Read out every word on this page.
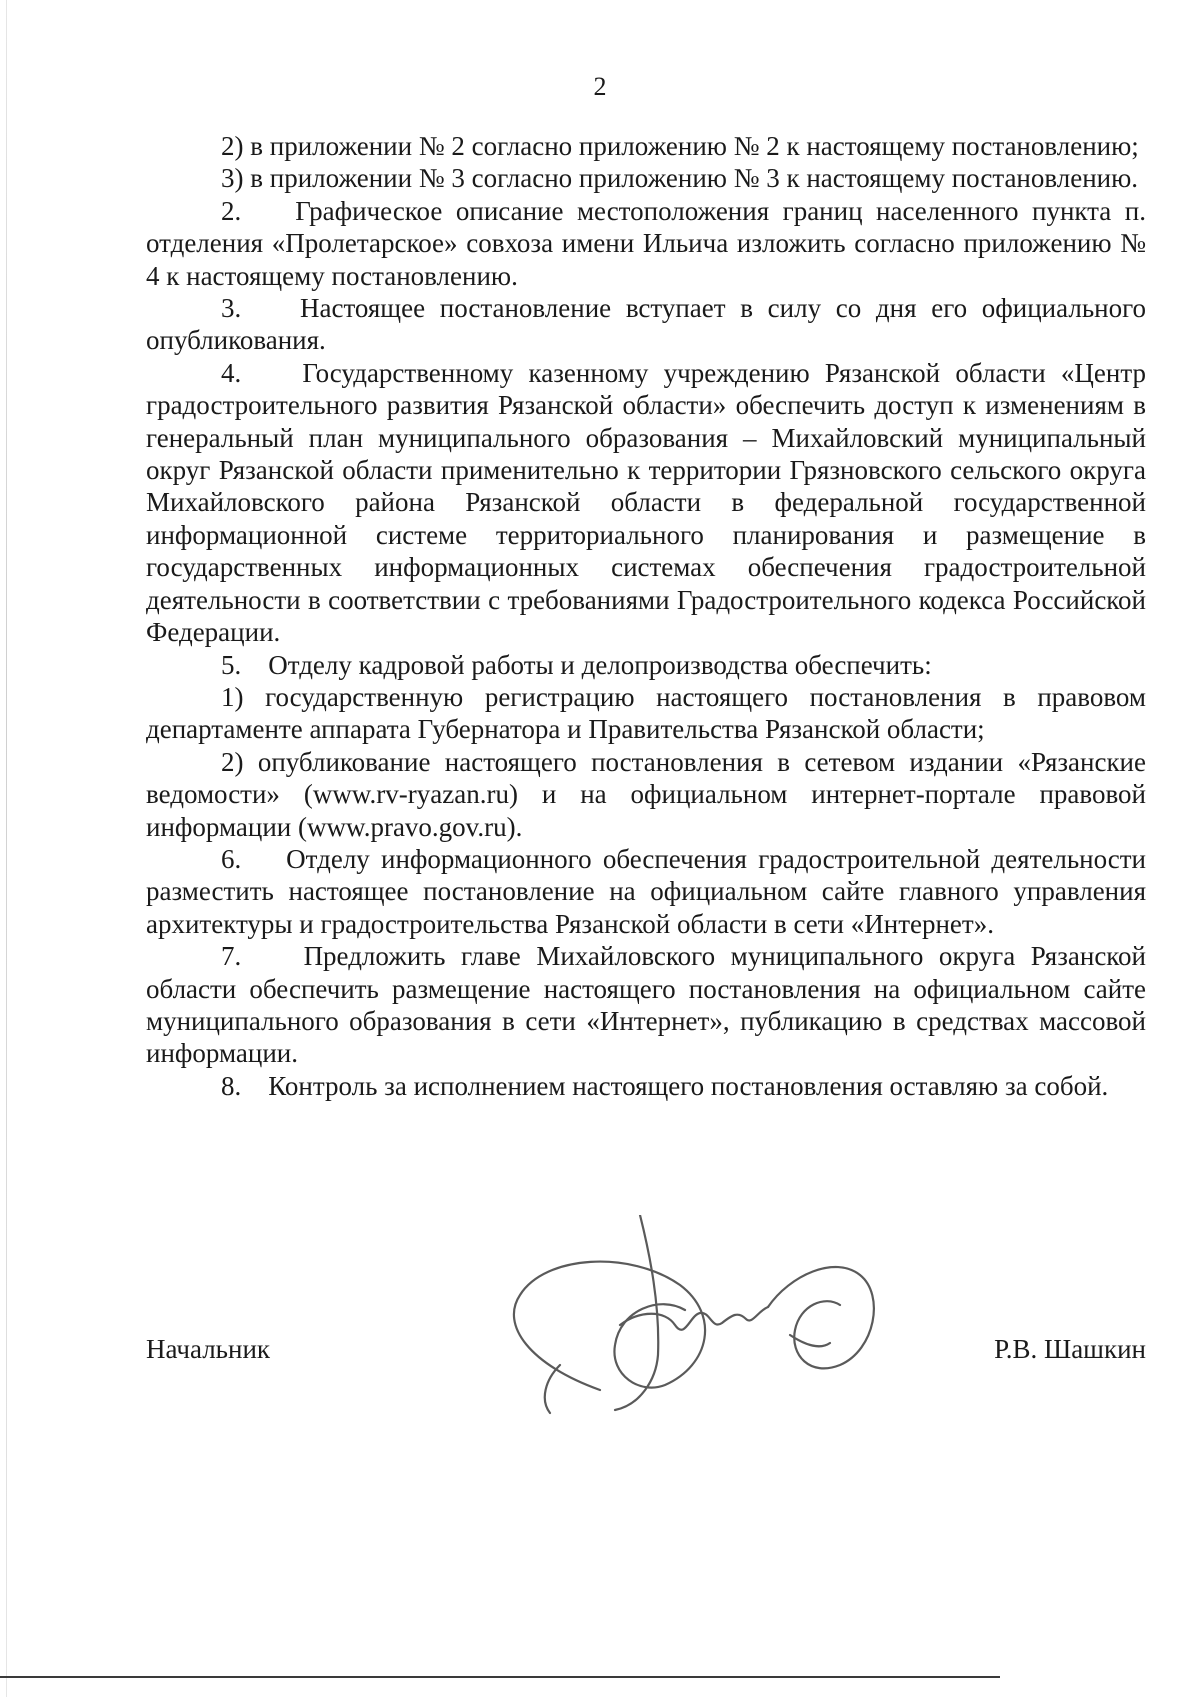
2

2) в приложении № 2 согласно приложению № 2 к настоящему постановлению;

3) в приложении № 3 согласно приложению № 3 к настоящему постановлению.

2.    Графическое описание местоположения границ населенного пункта п. отделения «Пролетарское» совхоза имени Ильича изложить согласно приложению № 4 к настоящему постановлению.

3.    Настоящее постановление вступает в силу со дня его официального опубликования.

4.    Государственному казенному учреждению Рязанской области «Центр градостроительного развития Рязанской области» обеспечить доступ к изменениям в генеральный план муниципального образования – Михайловский муниципальный округ Рязанской области применительно к территории Грязновского сельского округа Михайловского района Рязанской области в федеральной государственной информационной системе территориального планирования и размещение в государственных информационных системах обеспечения градостроительной деятельности в соответствии с требованиями Градостроительного кодекса Российской Федерации.

5.    Отделу кадровой работы и делопроизводства обеспечить:

1) государственную регистрацию настоящего постановления в правовом департаменте аппарата Губернатора и Правительства Рязанской области;

2) опубликование настоящего постановления в сетевом издании «Рязанские ведомости» (www.rv-ryazan.ru) и на официальном интернет-портале правовой информации (www.pravo.gov.ru).

6.    Отделу информационного обеспечения градостроительной деятельности разместить настоящее постановление на официальном сайте главного управления архитектуры и градостроительства Рязанской области в сети «Интернет».

7.    Предложить главе Михайловского муниципального округа Рязанской области обеспечить размещение настоящего постановления на официальном сайте муниципального образования в сети «Интернет», публикацию в средствах массовой информации.

8.    Контроль за исполнением настоящего постановления оставляю за собой.

Начальник	Р.В. Шашкин
